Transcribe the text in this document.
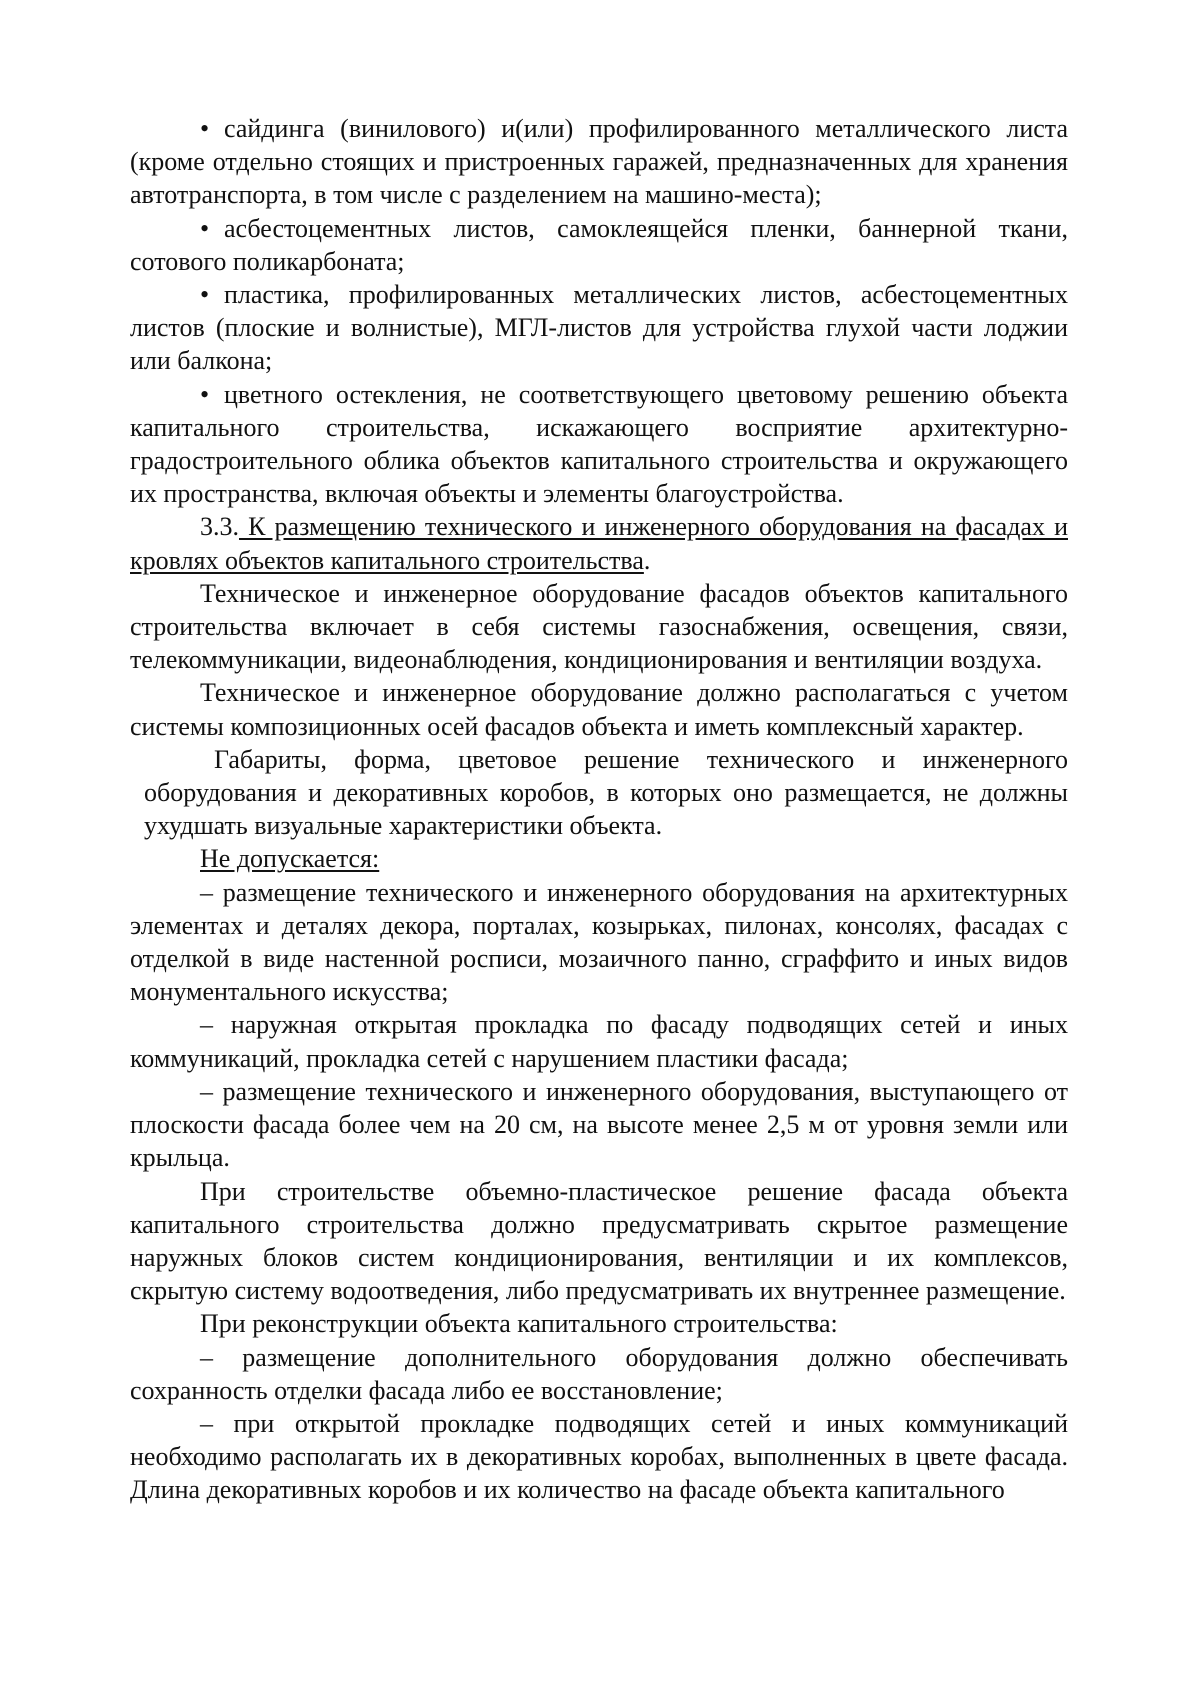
• сайдинга (винилового) и(или) профилированного металлического листа (кроме отдельно стоящих и пристроенных гаражей, предназначенных для хранения автотранспорта, в том числе с разделением на машино-места);

• асбестоцементных листов, самоклеящейся пленки, баннерной ткани, сотового поликарбоната;

• пластика, профилированных металлических листов, асбестоцементных листов (плоские и волнистые), МГЛ-листов для устройства глухой части лоджии или балкона;

• цветного остекления, не соответствующего цветовому решению объекта капитального строительства, искажающего восприятие архитектурно-градостроительного облика объектов капитального строительства и окружающего их пространства, включая объекты и элементы благоустройства.

3.3. К размещению технического и инженерного оборудования на фасадах и кровлях объектов капитального строительства.

Техническое и инженерное оборудование фасадов объектов капитального строительства включает в себя системы газоснабжения, освещения, связи, телекоммуникации, видеонаблюдения, кондиционирования и вентиляции воздуха.

Техническое и инженерное оборудование должно располагаться с учетом системы композиционных осей фасадов объекта и иметь комплексный характер.

Габариты, форма, цветовое решение технического и инженерного оборудования и декоративных коробов, в которых оно размещается, не должны ухудшать визуальные характеристики объекта.

Не допускается:

– размещение технического и инженерного оборудования на архитектурных элементах и деталях декора, порталах, козырьках, пилонах, консолях, фасадах с отделкой в виде настенной росписи, мозаичного панно, сграффито и иных видов монументального искусства;

– наружная открытая прокладка по фасаду подводящих сетей и иных коммуникаций, прокладка сетей с нарушением пластики фасада;

– размещение технического и инженерного оборудования, выступающего от плоскости фасада более чем на 20 см, на высоте менее 2,5 м от уровня земли или крыльца.

При строительстве объемно-пластическое решение фасада объекта капитального строительства должно предусматривать скрытое размещение наружных блоков систем кондиционирования, вентиляции и их комплексов, скрытую систему водоотведения, либо предусматривать их внутреннее размещение.

При реконструкции объекта капитального строительства:

– размещение дополнительного оборудования должно обеспечивать сохранность отделки фасада либо ее восстановление;

– при открытой прокладке подводящих сетей и иных коммуникаций необходимо располагать их в декоративных коробах, выполненных в цвете фасада. Длина декоративных коробов и их количество на фасаде объекта капитального
